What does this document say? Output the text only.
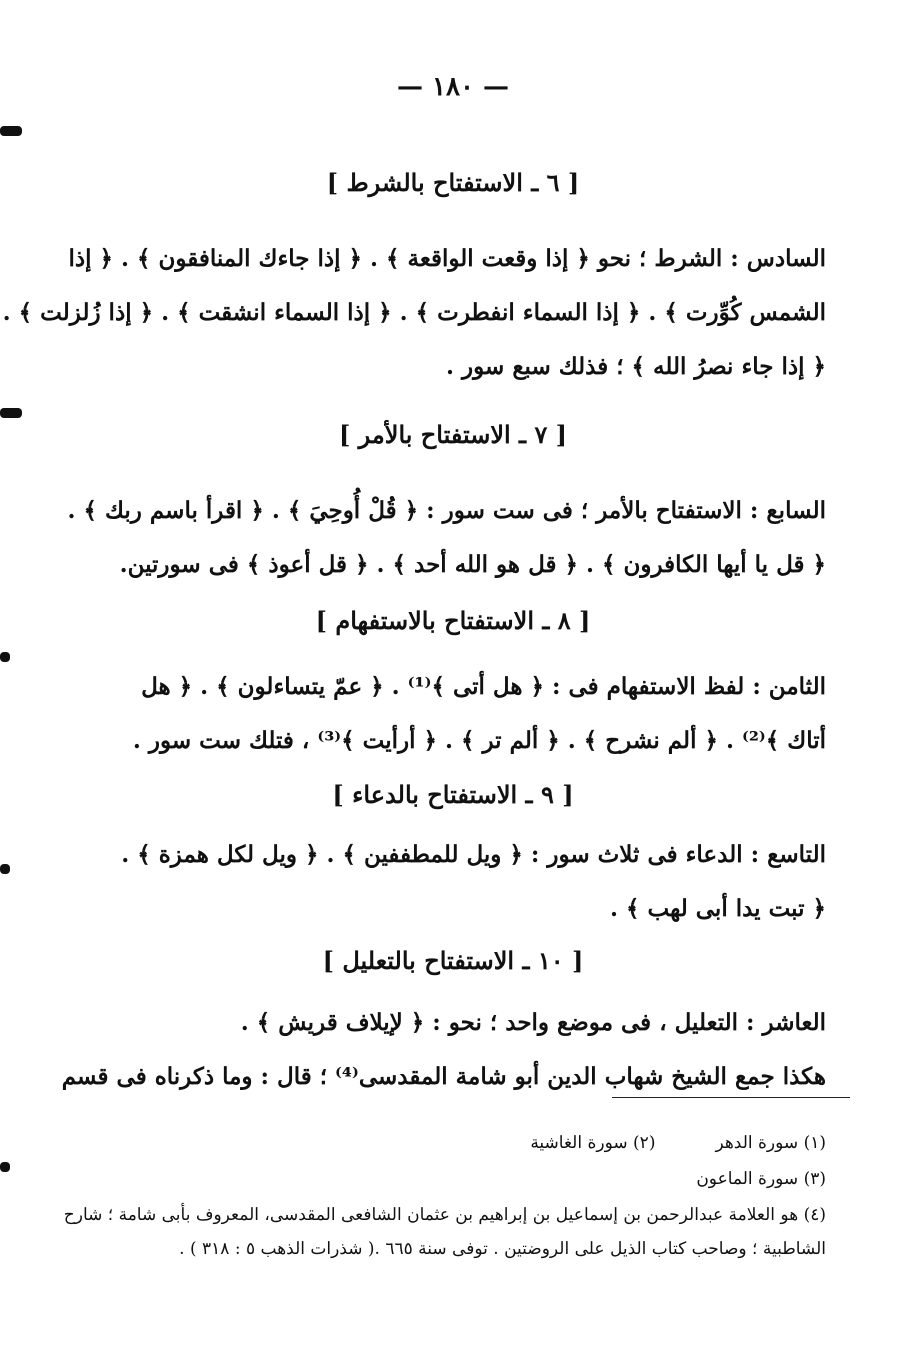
— ١٨٠ —
[ ٦ ـ الاستفتاح بالشرط ]
السادس : الشرط ؛ نحو ﴿ إذا وقعت الواقعة ﴾ . ﴿ إذا جاءك المنافقون ﴾ . ﴿ إذا
الشمس كُوِّرت ﴾ . ﴿ إذا السماء انفطرت ﴾ . ﴿ إذا السماء انشقت ﴾ . ﴿ إذا زُلزلت ﴾ .
﴿ إذا جاء نصرُ الله ﴾ ؛ فذلك سبع سور .
[ ٧ ـ الاستفتاح بالأمر ]
السابع : الاستفتاح بالأمر ؛ فى ست سور : ﴿ قُلْ أُوحِيَ ﴾ . ﴿ اقرأ باسم ربك ﴾ .
﴿ قل يا أيها الكافرون ﴾ . ﴿ قل هو الله أحد ﴾ . ﴿ قل أعوذ ﴾ فى سورتين.
[ ٨ ـ الاستفتاح بالاستفهام ]
الثامن : لفظ الاستفهام فى : ﴿ هل أتى ﴾⁽¹⁾ . ﴿ عمّ يتساءلون ﴾ . ﴿ هل
أتاك ﴾⁽²⁾ . ﴿ ألم نشرح ﴾ . ﴿ ألم تر ﴾ . ﴿ أرأيت ﴾⁽³⁾ ، فتلك ست سور .
[ ٩ ـ الاستفتاح بالدعاء ]
التاسع : الدعاء فى ثلاث سور : ﴿ ويل للمطففين ﴾ . ﴿ ويل لكل همزة ﴾ .
﴿ تبت يدا أبى لهب ﴾ .
[ ١٠ ـ الاستفتاح بالتعليل ]
العاشر : التعليل ، فى موضع واحد ؛ نحو : ﴿ لإيلاف قريش ﴾ .
هكذا جمع الشيخ شهاب الدين أبو شامة المقدسى⁽⁴⁾ ؛ قال : وما ذكرناه فى قسم
(١) سورة الدهر
(٢) سورة الغاشية
(٣) سورة الماعون
(٤) هو العلامة عبدالرحمن بن إسماعيل بن إبراهيم بن عثمان الشافعى المقدسى، المعروف بأبى شامة ؛ شارح
الشاطبية ؛ وصاحب كتاب الذيل على الروضتين . توفى سنة ٦٦٥ .( شذرات الذهب ٥ : ٣١٨ ) .
